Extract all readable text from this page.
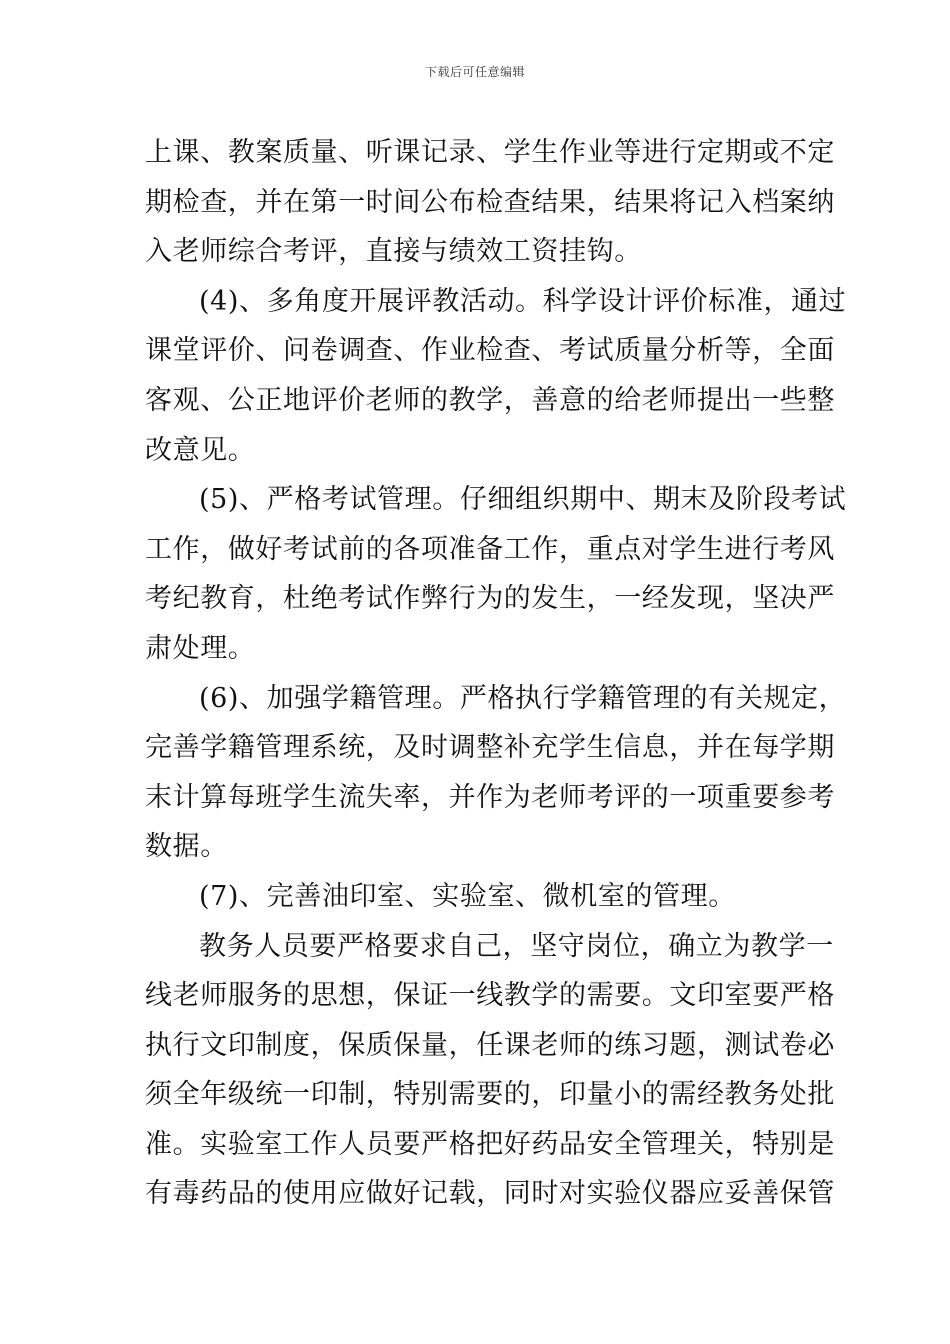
下载后可任意编辑
上课、教案质量、听课记录、学生作业等进行定期或不定
期检查，并在第一时间公布检查结果，结果将记入档案纳
入老师综合考评，直接与绩效工资挂钩。
(4)、多角度开展评教活动。科学设计评价标准，通过
课堂评价、问卷调查、作业检查、考试质量分析等，全面
客观、公正地评价老师的教学，善意的给老师提出一些整
改意见。
(5)、严格考试管理。仔细组织期中、期末及阶段考试
工作，做好考试前的各项准备工作，重点对学生进行考风
考纪教育，杜绝考试作弊行为的发生，一经发现，坚决严
肃处理。
(6)、加强学籍管理。严格执行学籍管理的有关规定，
完善学籍管理系统，及时调整补充学生信息，并在每学期
末计算每班学生流失率，并作为老师考评的一项重要参考
数据。
(7)、完善油印室、实验室、微机室的管理。
教务人员要严格要求自己，坚守岗位，确立为教学一
线老师服务的思想，保证一线教学的需要。文印室要严格
执行文印制度，保质保量，任课老师的练习题，测试卷必
须全年级统一印制，特别需要的，印量小的需经教务处批
准。实验室工作人员要严格把好药品安全管理关，特别是
有毒药品的使用应做好记载，同时对实验仪器应妥善保管
